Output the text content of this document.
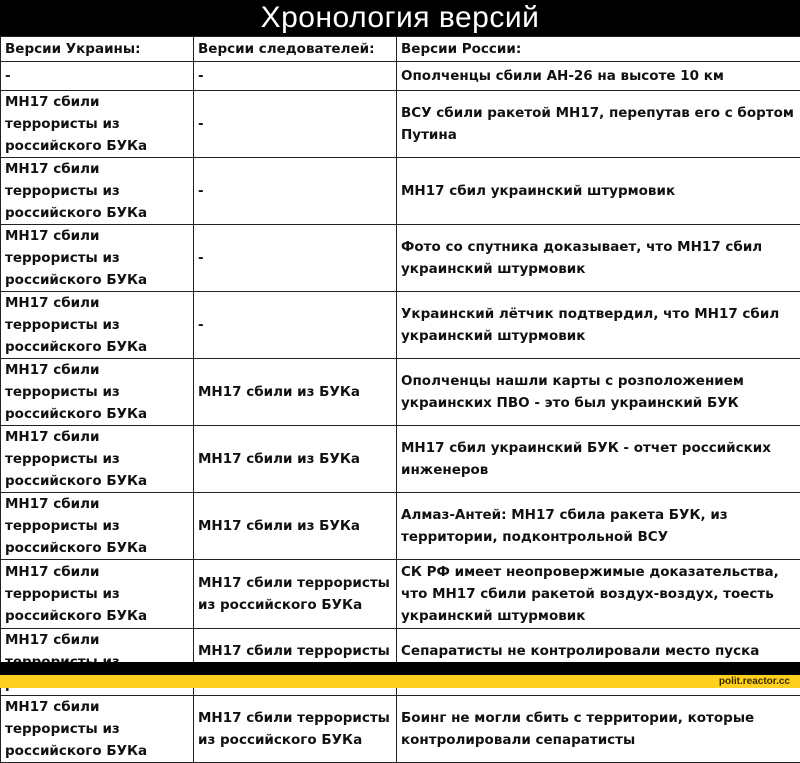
Хронология версий
Версии Украины:	Версии следователей:	Версии России:
-	-	Ополченцы сбили АН-26 на высоте 10 км
МН17 сбили террористы из российского БУКа	-	ВСУ сбили ракетой МН17, перепутав его с бортом Путина
МН17 сбили террористы из российского БУКа	-	МН17 сбил украинский штурмовик
МН17 сбили террористы из российского БУКа	-	Фото со спутника доказывает, что МН17 сбил украинский штурмовик
МН17 сбили террористы из российского БУКа	-	Украинский лётчик подтвердил, что МН17 сбил украинский штурмовик
МН17 сбили террористы из российского БУКа	МН17 сбили из БУКа	Ополченцы нашли карты с розположением украинских ПВО - это был украинский БУК
МН17 сбили террористы из российского БУКа	МН17 сбили из БУКа	МН17 сбил украинский БУК - отчет российских инженеров
МН17 сбили террористы из российского БУКа	МН17 сбили из БУКа	Алмаз-Антей: МН17 сбила ракета БУК, из территории, подконтрольной ВСУ
МН17 сбили террористы из российского БУКа	МН17 сбили террористы из российского БУКа	СК РФ имеет неопровержимые доказательства, что МН17 сбили ракетой воздух-воздух, тоесть украинский штурмовик
МН17 сбили	МН17 сбили террористы	Сепаратисты не контролировали место пуска
МН17 сбили террористы из российского БУКа	МН17 сбили террористы из российского БУКа	Боинг не могли сбить с территории, которые контролировали сепаратисты
polit.reactor.cc
